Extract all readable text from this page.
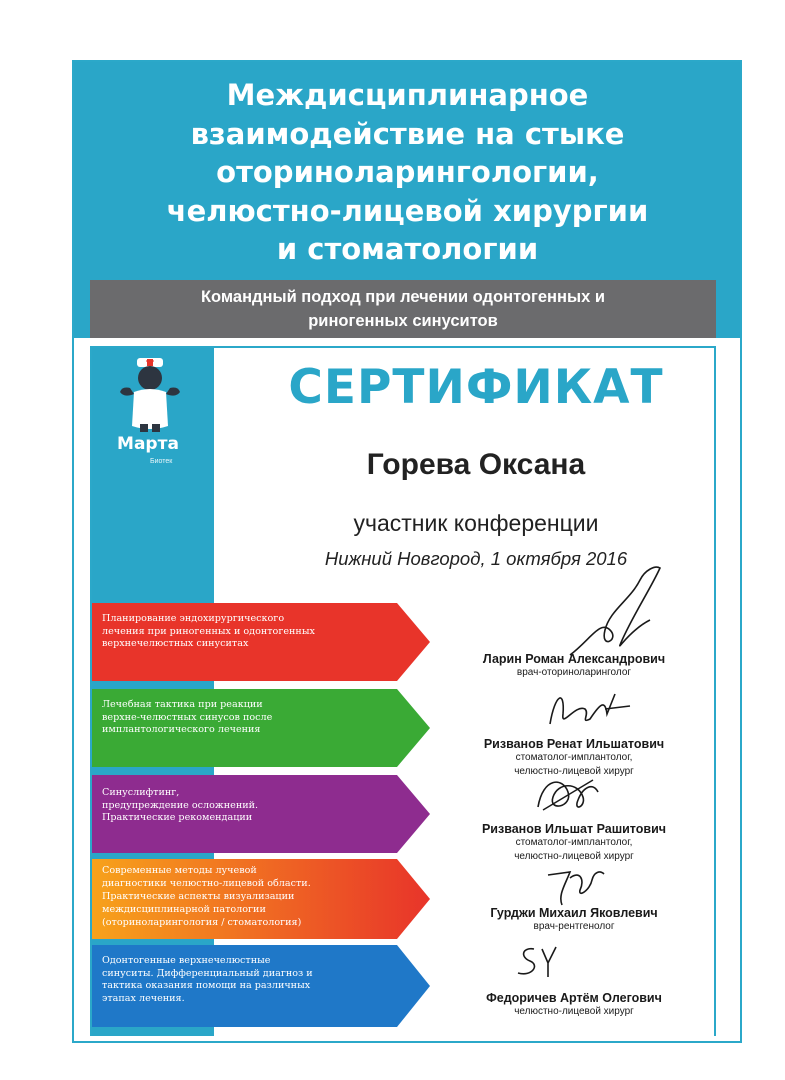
Междисциплинарное
взаимодействие на стыке
оториноларингологии,
челюстно-лицевой хирургии
и стоматологии
Командный подход при лечении одонтогенных и
риногенных синуситов
Марта
Биотек
СЕРТИФИКАТ
Горева Оксана
участник конференции
Нижний Новгород, 1 октября 2016
Планирование эндохирургического
лечения при риногенных и одонтогенных
верхнечелюстных синуситах
Лечебная тактика при реакции
верхне-челюстных синусов после
имплантологического лечения
Синуслифтинг,
предупреждение осложнений.
Практические рекомендации
Современные методы лучевой
диагностики челюстно-лицевой области.
Практические аспекты визуализации
междисциплинарной патологии
(оториноларингология / стоматология)
Одонтогенные верхнечелюстные
синуситы. Дифференциальный диагноз и
тактика оказания помощи на различных
этапах лечения.
Ларин Роман Александрович
врач-оториноларинголог
Ризванов Ренат Ильшатович
стоматолог-имплантолог,
челюстно-лицевой хирург
Ризванов Ильшат Рашитович
стоматолог-имплантолог,
челюстно-лицевой хирург
Гурджи Михаил Яковлевич
врач-рентгенолог
Федоричев Артём Олегович
челюстно-лицевой хирург
